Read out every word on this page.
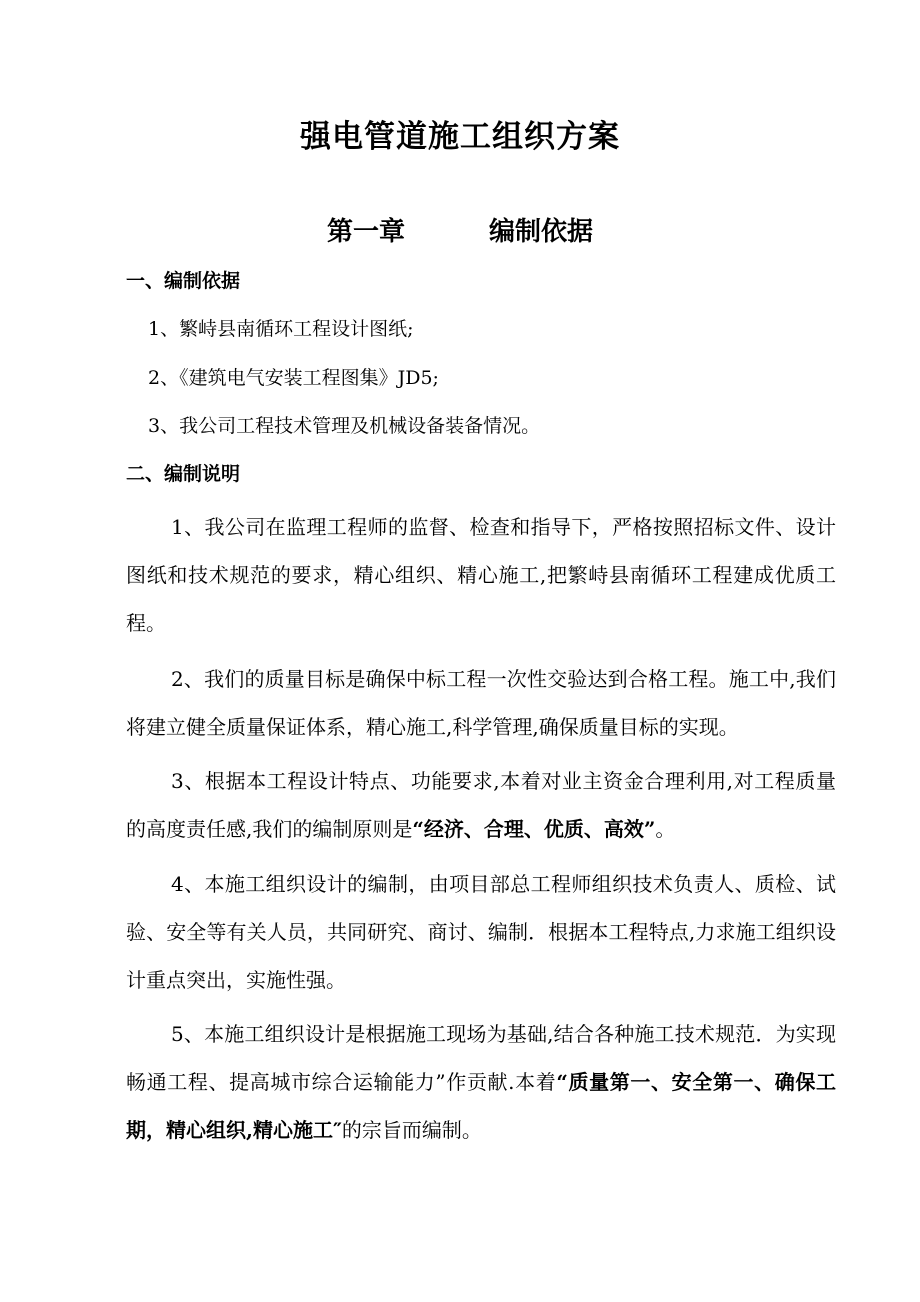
强电管道施工组织方案
第一章	编制依据
一、编制依据
1、繁峙县南循环工程设计图纸;
2、《建筑电气安装工程图集》JD5;
3、我公司工程技术管理及机械设备装备情况。
二、编制说明
1、我公司在监理工程师的监督、检查和指导下，严格按照招标文件、设计图纸和技术规范的要求，精心组织、精心施工,把繁峙县南循环工程建成优质工程。
2、我们的质量目标是确保中标工程一次性交验达到合格工程。施工中,我们将建立健全质量保证体系，精心施工,科学管理,确保质量目标的实现。
3、根据本工程设计特点、功能要求,本着对业主资金合理利用,对工程质量的高度责任感,我们的编制原则是“经济、合理、优质、高效”。
4、本施工组织设计的编制，由项目部总工程师组织技术负责人、质检、试验、安全等有关人员，共同研究、商讨、编制．根据本工程特点,力求施工组织设计重点突出，实施性强。
5、本施工组织设计是根据施工现场为基础,结合各种施工技术规范．为实现畅通工程、提高城市综合运输能力”作贡献.本着“质量第一、安全第一、确保工期，精心组织,精心施工″的宗旨而编制。
